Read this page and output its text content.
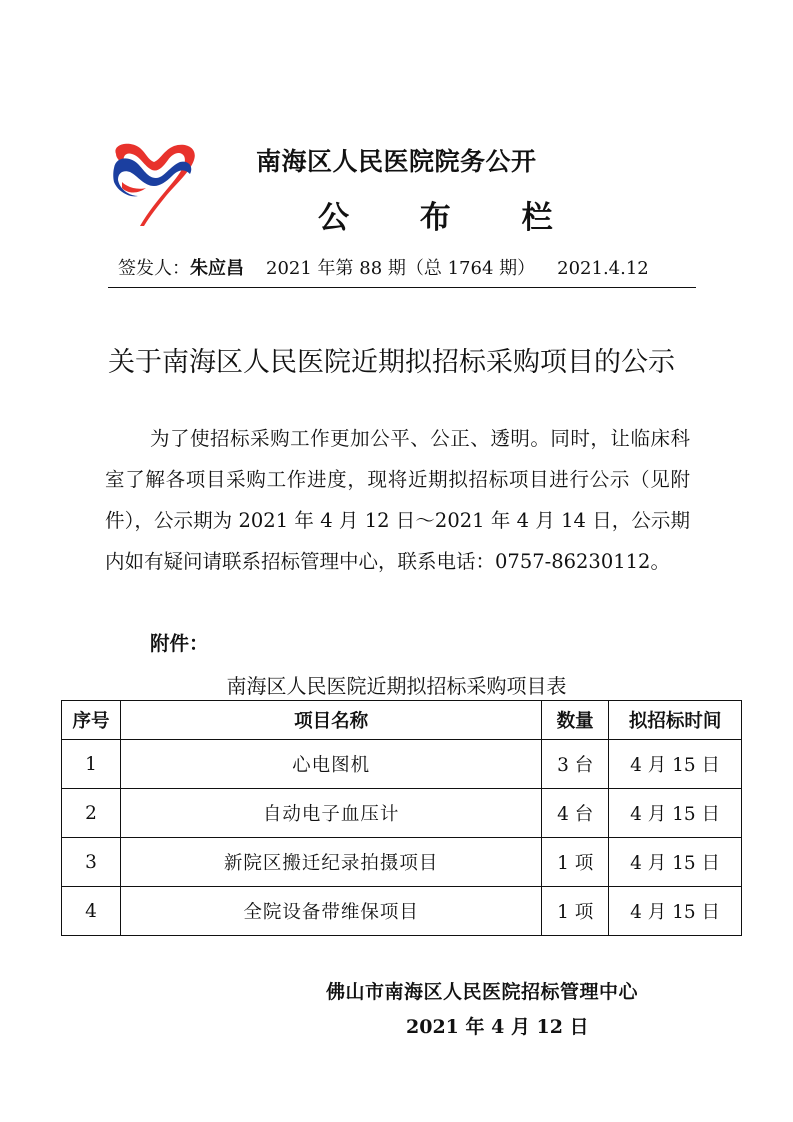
南海区人民医院院务公开
公 布 栏
签发人：朱应昌 2021 年第 88 期（总 1764 期） 2021.4.12
关于南海区人民医院近期拟招标采购项目的公示
为了使招标采购工作更加公平、公正、透明。同时，让临床科室了解各项目采购工作进度，现将近期拟招标项目进行公示（见附件），公示期为 2021 年 4 月 12 日～2021 年 4 月 14 日，公示期内如有疑问请联系招标管理中心，联系电话：0757-86230112。
附件：
南海区人民医院近期拟招标采购项目表
序号	项目名称	数量	拟招标时间
1	心电图机	3 台	4 月 15 日
2	自动电子血压计	4 台	4 月 15 日
3	新院区搬迁纪录拍摄项目	1 项	4 月 15 日
4	全院设备带维保项目	1 项	4 月 15 日
佛山市南海区人民医院招标管理中心
2021 年 4 月 12 日
